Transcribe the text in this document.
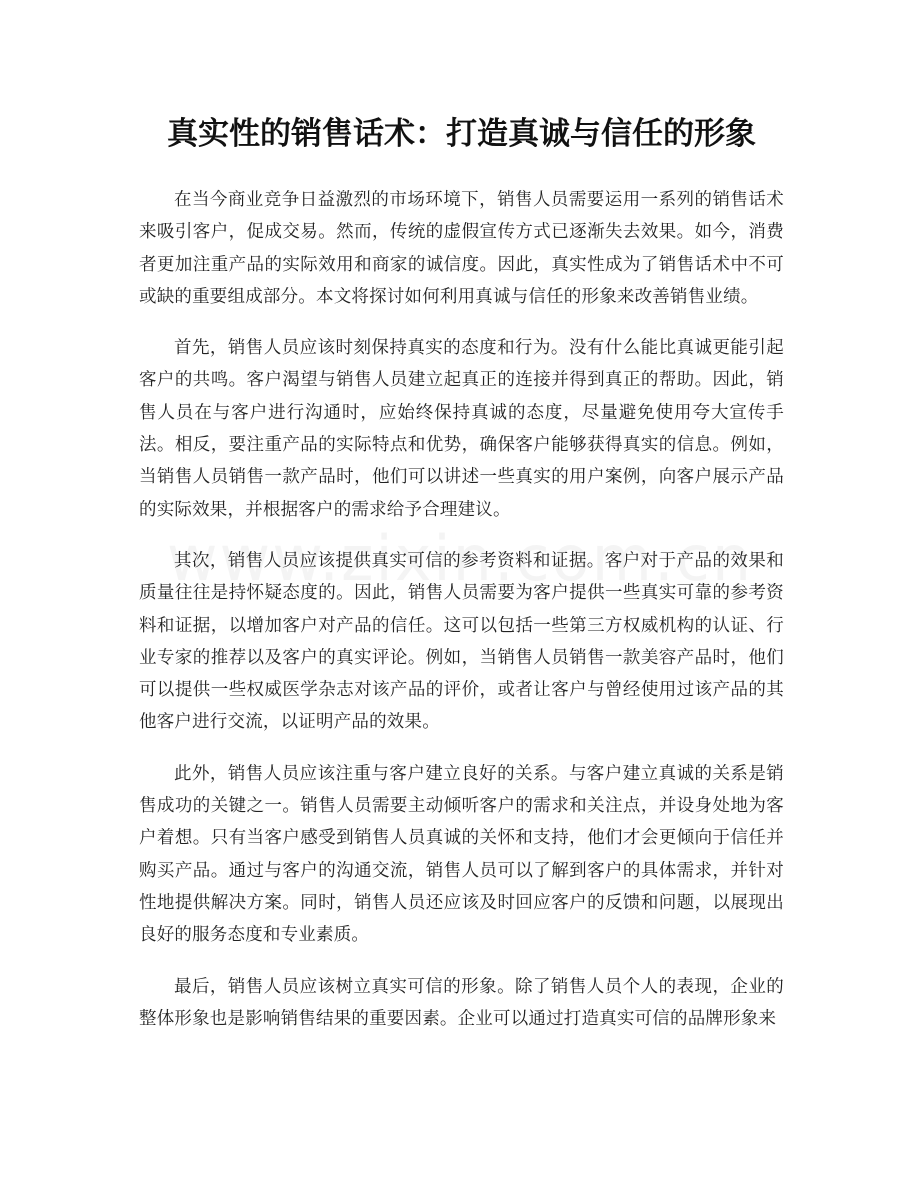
真实性的销售话术：打造真诚与信任的形象

在当今商业竞争日益激烈的市场环境下，销售人员需要运用一系列的销售话术来吸引客户，促成交易。然而，传统的虚假宣传方式已逐渐失去效果。如今，消费者更加注重产品的实际效用和商家的诚信度。因此，真实性成为了销售话术中不可或缺的重要组成部分。本文将探讨如何利用真诚与信任的形象来改善销售业绩。

首先，销售人员应该时刻保持真实的态度和行为。没有什么能比真诚更能引起客户的共鸣。客户渴望与销售人员建立起真正的连接并得到真正的帮助。因此，销售人员在与客户进行沟通时，应始终保持真诚的态度，尽量避免使用夸大宣传手法。相反，要注重产品的实际特点和优势，确保客户能够获得真实的信息。例如，当销售人员销售一款产品时，他们可以讲述一些真实的用户案例，向客户展示产品的实际效果，并根据客户的需求给予合理建议。

其次，销售人员应该提供真实可信的参考资料和证据。客户对于产品的效果和质量往往是持怀疑态度的。因此，销售人员需要为客户提供一些真实可靠的参考资料和证据，以增加客户对产品的信任。这可以包括一些第三方权威机构的认证、行业专家的推荐以及客户的真实评论。例如，当销售人员销售一款美容产品时，他们可以提供一些权威医学杂志对该产品的评价，或者让客户与曾经使用过该产品的其他客户进行交流，以证明产品的效果。

此外，销售人员应该注重与客户建立良好的关系。与客户建立真诚的关系是销售成功的关键之一。销售人员需要主动倾听客户的需求和关注点，并设身处地为客户着想。只有当客户感受到销售人员真诚的关怀和支持，他们才会更倾向于信任并购买产品。通过与客户的沟通交流，销售人员可以了解到客户的具体需求，并针对性地提供解决方案。同时，销售人员还应该及时回应客户的反馈和问题，以展现出良好的服务态度和专业素质。

最后，销售人员应该树立真实可信的形象。除了销售人员个人的表现，企业的整体形象也是影响销售结果的重要因素。企业可以通过打造真实可信的品牌形象来
